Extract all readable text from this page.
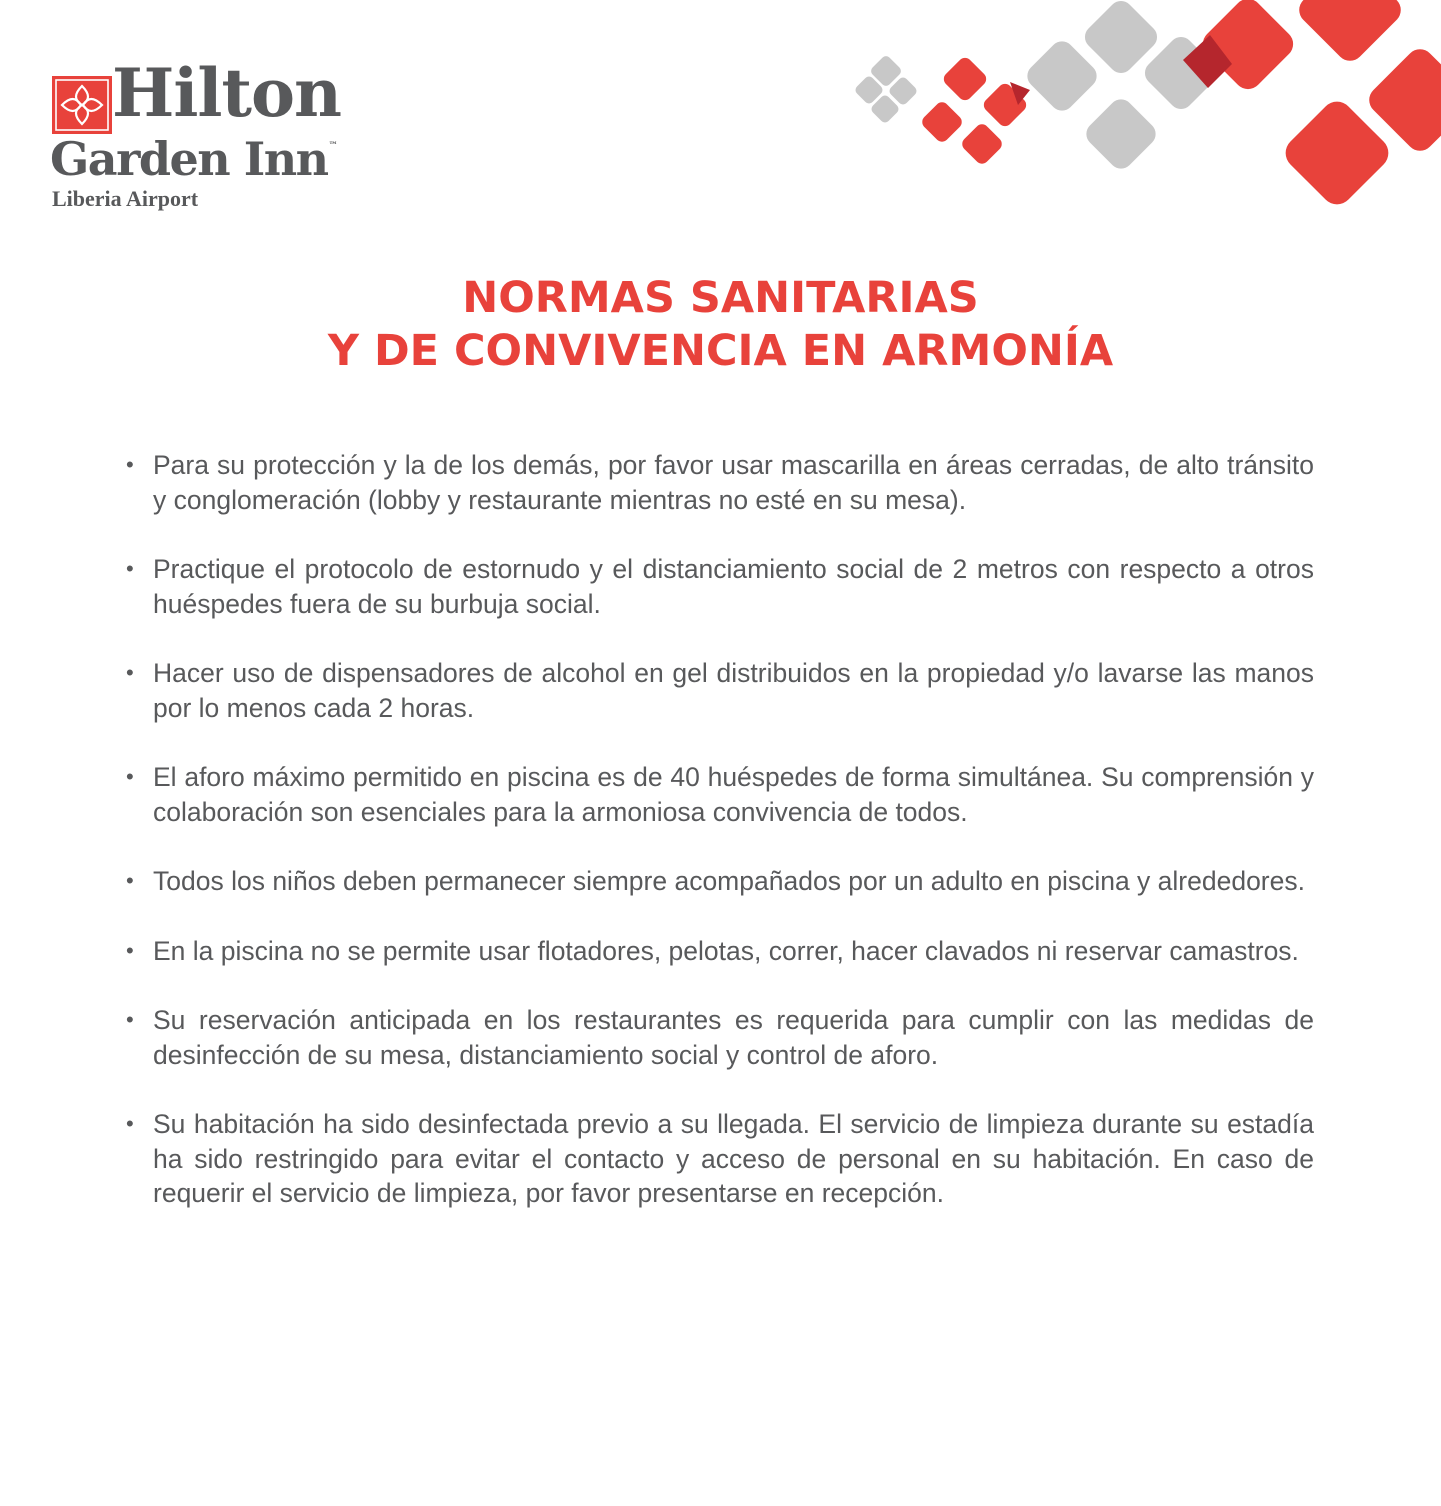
Hilton
Garden Inn™
Liberia Airport
NORMAS SANITARIAS
Y DE CONVIVENCIA EN ARMONÍA
• Para su protección y la de los demás, por favor usar mascarilla en áreas cerradas, de alto tránsito y conglomeración (lobby y restaurante mientras no esté en su mesa).
• Practique el protocolo de estornudo y el distanciamiento social de 2 metros con respecto a otros huéspedes fuera de su burbuja social.
• Hacer uso de dispensadores de alcohol en gel distribuidos en la propiedad y/o lavarse las manos por lo menos cada 2 horas.
• El aforo máximo permitido en piscina es de 40 huéspedes de forma simultánea. Su comprensión y colaboración son esenciales para la armoniosa convivencia de todos.
• Todos los niños deben permanecer siempre acompañados por un adulto en piscina y alrededores.
• En la piscina no se permite usar flotadores, pelotas, correr, hacer clavados ni reservar camastros.
• Su reservación anticipada en los restaurantes es requerida para cumplir con las medidas de desinfección de su mesa, distanciamiento social y control de aforo.
• Su habitación ha sido desinfectada previo a su llegada. El servicio de limpieza durante su estadía ha sido restringido para evitar el contacto y acceso de personal en su habitación. En caso de requerir el servicio de limpieza, por favor presentarse en recepción.
